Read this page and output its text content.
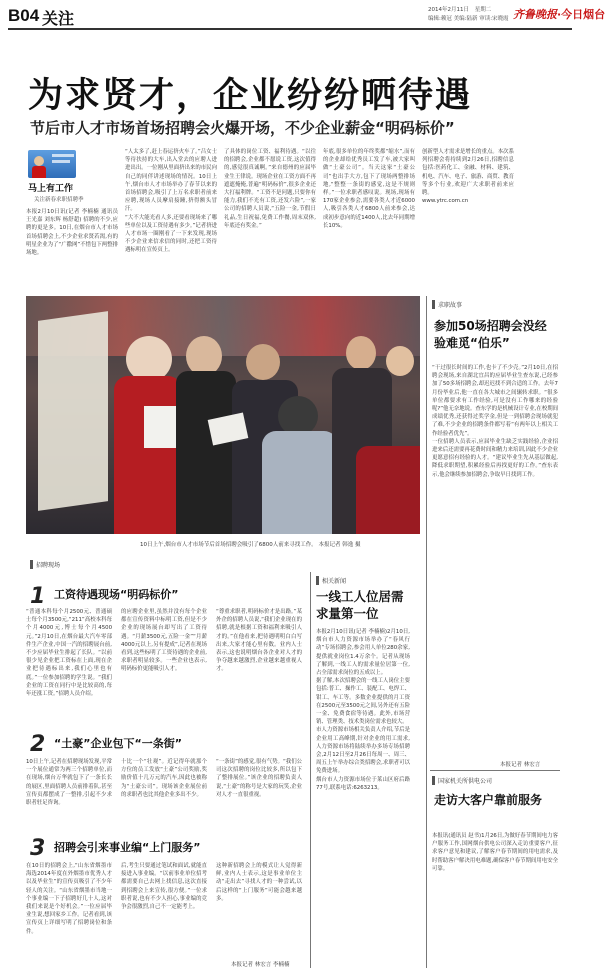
B04 关注	2014年2月11日 星期二
编辑:赖冠 美编:陆新 审读:宋晓霞 齐鲁晚报·今日烟台
为求贤才，企业纷纷晒待遇
节后市人才市场首场招聘会火爆开场，不少企业薪金“明码标价”
马上有工作
关注新春求职招聘季
本报2月10日讯(记者 李楠楠 通讯员 王光嘉 刘东辉 杨舒超) 招聘的不少,应聘的更是多。10日,在烟台市人才市场首场招聘会上,不少企业求贤若渴,有的明星企业为了“广撒网”不惜包下两整排场地。
“人太多了,赶上春运挤火车了。”吕女士等待扶持的大车,出入堂去的应聘人进进出出。一位刚从里面挤出来的市民向自己的同伴讲述现场的情况。10日上午,烟台市人才市场举办了春节以来的首场招聘会,吸引了上万名求职者前来应聘,现场人员摩肩接踵,挤得额头冒汗。
“大不大能光看人多,还要看现场来了哪些单位以及工资待遇有多少。”记者挤进人才市场一圈刚看了一下来发现,现场不少企业来信求信的同时,还把工资待遇标明在宣传页上。
了具体的岗位工资、福利待遇。“以往的招聘会,企业都不愿说工资,这次值得的,感觉很真诚啊。”来自德州的应届毕业生王律说。现场企业在工资方面不再遮遮掩掩,普遍“明码标价”,很多企业还大打福利牌。“工资不是问题,只要你有能力,我们不光有工资,还发六险”,一家公司的招聘人员说,“五险一金,节假日礼品,生日祝福,免费工作餐,周末双休,年底还有奖金。”
年底,很多单位的年终奖都“缩水”,而有的企业却给优秀员工发了车,被大家叫做“土豪公司”。当天这家“土豪公司”也出手大方,包下了现场两整排场地,“整整一条街的感觉,这是不规则样。”一位求职者感叹说。现场,现场有170家企业参会,需要各类人才近6000人,吸引各类人才6800人前来参会,达成初步意向的近1400人,比去年同期增长10%。
创新型人才需求是增长的重点。本次系列招聘会将持续到2月26日,招聘信息包括:医药化工、金融、材料、建筑、机电、汽车、电子、旅游、商贸、教育等多个行业,欢迎广大求职者前来应聘。
www.ytrc.com.cn
10日上午,烟台市人才市场节后首场招聘会吸引了6800人前来寻找工作。 本报记者 韩逸 摄
招聘现场
1 工资待遇现场“明码标价”
“普通本科每个月2500元、普通硕士每个月3500元,“211”高校本科每个月4000元,博士每个月4500元。”2月10日,在烟台最大汽车零部件生产企业,中国一汽的招聘展台前,不少应届毕业生排起了长队。“以前很少见企业把工资标在上面,现在企业把待遇标出来,我们心里也有底。”一位参加招聘的学生说。“我们企业的工资在同行中是比较高的,每年还涨工资。”招聘人员介绍。
的应聘企业里,虽然并没有每个企业都在宣传资料中标明工资,但是不少企业的现场展台却写出了工资待遇。“月薪3500元,五险一金”“月薪4000元以上,另有提成”,记者在现场看到,这些标明了工资待遇的企业前,求职者明显较多。一些企业也表示,明码标价更能吸引人才。
“尊重求职者,明码标价才是出路。”某外企的招聘人员说,“我们企业现在的招聘,就是根据工资和福利来吸引人才的。”在他看来,把待遇明明白白写出来,大家才能心里有数。业内人士表示,这也说明烟台各企业对人才的争夺越来越激烈,企业越来越重视人才。
2 “土豪”企业包下“一条街”
10日上午,记者在招聘现场发现,平常一个展位通常为两三个招聘单位,而在现场,烟台万华就包下了一条长长的展区,里面招聘人员前排着队,甚至宣传页都摆成了一整排,引起不少求职者驻足咨询。
十比一个“壮观”。近记得年就那个方位的员工发放“土豪”公司奖励,奖励价值十几万元的汽车,因此也被称为“土豪公司”。现场该企业展位前的求职者也比其他企业多出不少。
“一条街”的感觉,很有气势。“我们公司这次招聘的岗位比较多,所以包下了整排展位。”该企业的招聘负责人说,“土豪”的称号是大家的玩笑,企业对人才一直很重视。
3 招聘会引来事业编“上门服务”
在10日的招聘会上,“山东省烟墨市海选2014年度在外烟墨市优秀人才以及毕业生”的宣传页吸引了不少年轻人的关注。“山东省烟墨市当地一个事业编一下子招聘好几十人,这对我们来说是个好机会。”一位应届毕业生说,想回家乡工作。记者看到,该宣传页上详细写明了招聘岗位和条件。
后,考生只要通过笔试和面试,就能直接进入事业编。“以前事业单位招考都需要自己去网上找信息,这次直接到招聘会上来宣传,很方便。”一位求职者说,也有不少人担心,事业编的竞争会很激烈,自己不一定能考上。
这种新招聘会上的模式让人觉得新鲜,业内人士表示,这是事业单位主动“走出去”寻找人才的一种尝试,以后这样的“上门服务”可能会越来越多。
本报记者 林宏言 李楠楠
相关新闻
一线工人位居需求量第一位
本报2月10日讯(记者 李楠楠)2月10日,烟台市人力资源市场举办了“春风行动”专场招聘会,参会用人单位280余家,提供就业岗位1.4万余个。记者从现场了解到,一线工人的需求量位居第一位,占全部需求岗位的五成以上。
据了解,本次招聘会的一线工人岗位主要包括:普工、操作工、装配工、电焊工、钳工、车工等。多数企业提供的月工资在2500元至3500元之间,另外还有五险一金、免费食宿等待遇。此外,市场营销、管理类、技术类岗位需求也较大。
市人力资源市场相关负责人介绍,节后是企业用工高峰期,针对企业的用工需求,人力资源市场将陆续举办多场专场招聘会,2月12日至2月26日每周一、周三、周五上午举办综合类招聘会,求职者可以免费进场。
烟台市人力资源市场位于莱山区府后路77号,联系电话:6263213。
求职故事
参加50场招聘会没经验难觅“伯乐”
“干过很长时间的工作,也卡了不少壳。”2月10日,在招聘会现场,来自湖北宜昌的应届毕业生查东说,已经参加了50多场招聘会,却迟迟找不到合适的工作。去年7月份毕业后,他一直在各大城市之间辗转求职。“很多单位都要求有工作经验,可是没有工作哪来的经验呢?”他无奈地说。查东学的是机械设计专业,在校期间成绩优秀,还获得过奖学金,但是一到招聘会现场就犯了难,不少企业的招聘条件都写着“有两年以上相关工作经验者优先”。
一位招聘人员表示,应届毕业生缺乏实践经验,企业招进来后还需要再花费时间和精力来培训,因此不少企业更愿意招有经验的人才。“建议毕业生先从基层做起,降低求职期望,积累经验后再找更好的工作。”查东表示,他会继续参加招聘会,争取早日找到工作。
本报记者 林宏言
国家机关所供电公司
走访大客户靠前服务
本报讯(通讯员 赵书)1月26日,为做好春节期间电力客户服务工作,国网烟台供电公司深入走访重要客户,征求客户意见和建议,了解客户春节期间的用电需求,及时帮助客户解决用电难题,确保客户春节期间用电安全可靠。
